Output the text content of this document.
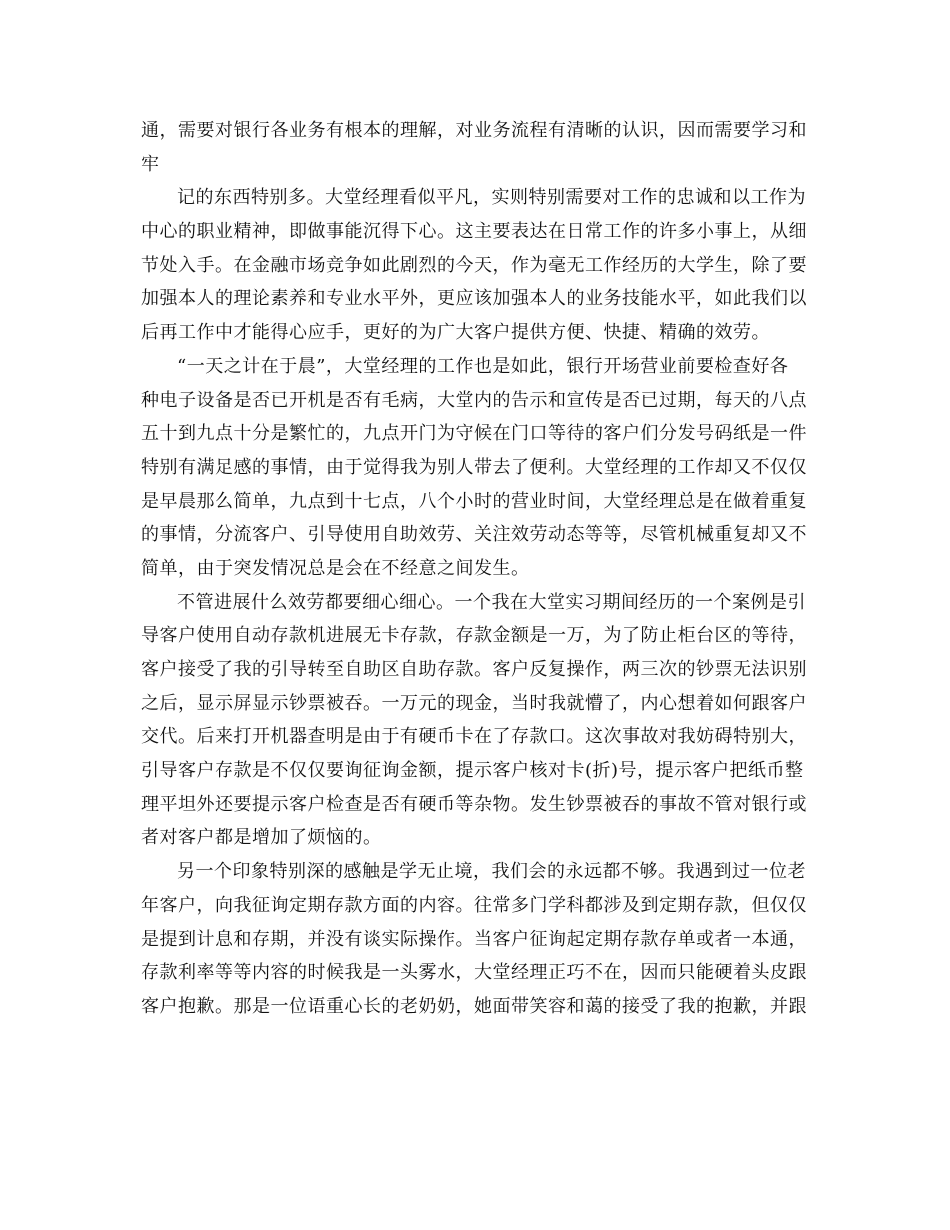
通，需要对银行各业务有根本的理解，对业务流程有清晰的认识，因而需要学习和
牢
记的东西特别多。大堂经理看似平凡，实则特别需要对工作的忠诚和以工作为
中心的职业精神，即做事能沉得下心。这主要表达在日常工作的许多小事上，从细
节处入手。在金融市场竞争如此剧烈的今天，作为毫无工作经历的大学生，除了要
加强本人的理论素养和专业水平外，更应该加强本人的业务技能水平，如此我们以
后再工作中才能得心应手，更好的为广大客户提供方便、快捷、精确的效劳。
“一天之计在于晨”，大堂经理的工作也是如此，银行开场营业前要检查好各
种电子设备是否已开机是否有毛病，大堂内的告示和宣传是否已过期，每天的八点
五十到九点十分是繁忙的，九点开门为守候在门口等待的客户们分发号码纸是一件
特别有满足感的事情，由于觉得我为别人带去了便利。大堂经理的工作却又不仅仅
是早晨那么简单，九点到十七点，八个小时的营业时间，大堂经理总是在做着重复
的事情，分流客户、引导使用自助效劳、关注效劳动态等等，尽管机械重复却又不
简单，由于突发情况总是会在不经意之间发生。
不管进展什么效劳都要细心细心。一个我在大堂实习期间经历的一个案例是引
导客户使用自动存款机进展无卡存款，存款金额是一万，为了防止柜台区的等待，
客户接受了我的引导转至自助区自助存款。客户反复操作，两三次的钞票无法识别
之后，显示屏显示钞票被吞。一万元的现金，当时我就懵了，内心想着如何跟客户
交代。后来打开机器查明是由于有硬币卡在了存款口。这次事故对我妨碍特别大，
引导客户存款是不仅仅要询征询金额，提示客户核对卡(折)号，提示客户把纸币整
理平坦外还要提示客户检查是否有硬币等杂物。发生钞票被吞的事故不管对银行或
者对客户都是增加了烦恼的。
另一个印象特别深的感触是学无止境，我们会的永远都不够。我遇到过一位老
年客户，向我征询定期存款方面的内容。往常多门学科都涉及到定期存款，但仅仅
是提到计息和存期，并没有谈实际操作。当客户征询起定期存款存单或者一本通，
存款利率等等内容的时候我是一头雾水，大堂经理正巧不在，因而只能硬着头皮跟
客户抱歉。那是一位语重心长的老奶奶，她面带笑容和蔼的接受了我的抱歉，并跟
